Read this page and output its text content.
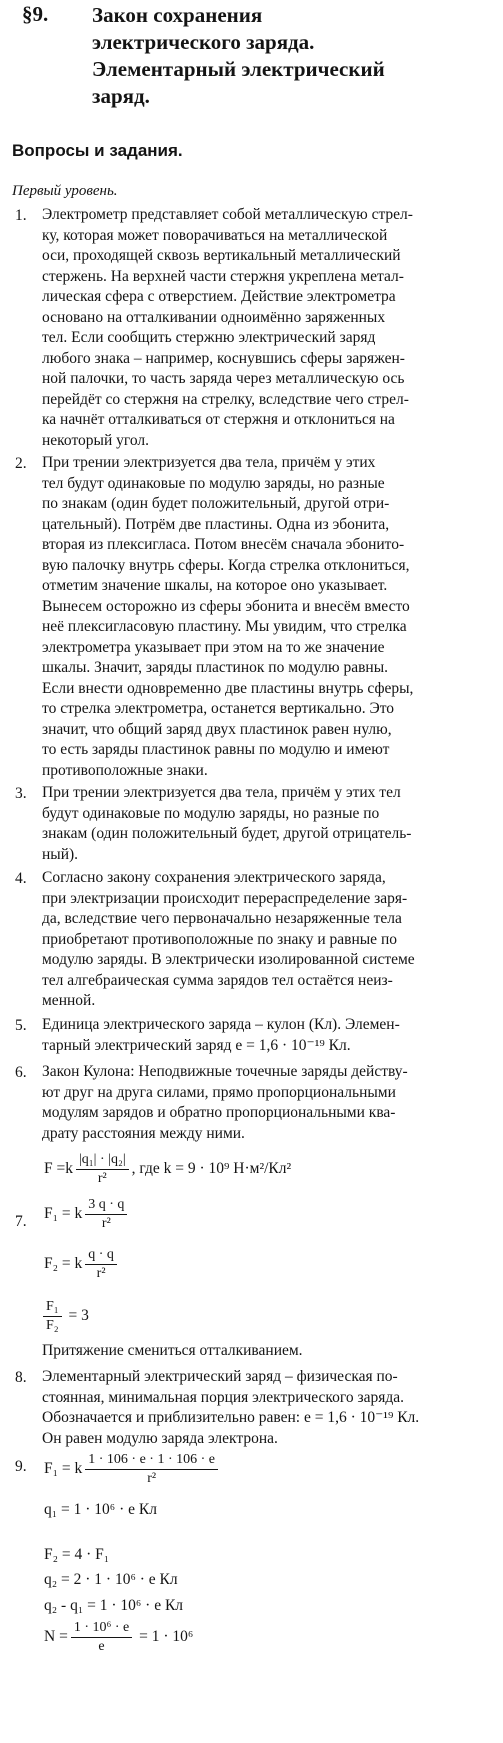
§9. Закон сохранения
электрического заряда.
Элементарный электрический
заряд.
Вопросы и задания.
Первый уровень.
1. Электрометр представляет собой металлическую стрел-
ку, которая может поворачиваться на металлической
оси, проходящей сквозь вертикальный металлический
стержень. На верхней части стержня укреплена метал-
лическая сфера с отверстием. Действие электрометра
основано на отталкивании одноимённо заряженных
тел. Если сообщить стержню электрический заряд
любого знака – например, коснувшись сферы заряжен-
ной палочки, то часть заряда через металлическую ось
перейдёт со стержня на стрелку, вследствие чего стрел-
ка начнёт отталкиваться от стержня и отклониться на
некоторый угол.
2. При трении электризуется два тела, причём у этих
тел будут одинаковые по модулю заряды, но разные
по знакам (один будет положительный, другой отри-
цательный). Потрём две пластины. Одна из эбонита,
вторая из плексигласа. Потом внесём сначала эбонито-
вую палочку внутрь сферы. Когда стрелка отклониться,
отметим значение шкалы, на которое оно указывает.
Вынесем осторожно из сферы эбонита и внесём вместо
неё плексигласовую пластину. Мы увидим, что стрелка
электрометра указывает при этом на то же значение
шкалы. Значит, заряды пластинок по модулю равны.
Если внести одновременно две пластины внутрь сферы,
то стрелка электрометра, останется вертикально. Это
значит, что общий заряд двух пластинок равен нулю,
то есть заряды пластинок равны по модулю и имеют
противоположные знаки.
3. При трении электризуется два тела, причём у этих тел
будут одинаковые по модулю заряды, но разные по
знакам (один положительный будет, другой отрицатель-
ный).
4. Согласно закону сохранения электрического заряда,
при электризации происходит перераспределение заря-
да, вследствие чего первоначально незаряженные тела
приобретают противоположные по знаку и равные по
модулю заряды. В электрически изолированной системе
тел алгебраическая сумма зарядов тел остаётся неиз-
менной.
5. Единица электрического заряда – кулон (Кл). Элемен-
тарный электрический заряд e = 1,6 · 10⁻¹⁹ Кл.
6. Закон Кулона: Неподвижные точечные заряды действу-
ют друг на друга силами, прямо пропорциональными
модулям зарядов и обратно пропорциональными ква-
драту расстояния между ними.
$F =k \frac{\text{|q₁| · |q₂|}}{\text{r²}}$ , где k = 9 · 10⁹ Н·м²/Кл²
7. F₁ = k $\frac{3 q \cdot q}{\text{r²}}$
F₂ = k $\frac{q \cdot q}{\text{r²}}$
$\frac{\text{F₁}}{\text{F₂}} = 3$
Притяжение смениться отталкиванием.
8. Элементарный электрический заряд – физическая по-
стоянная, минимальная порция электрического заряда.
Обозначается и приблизительно равен: e = 1,6 · 10⁻¹⁹ Кл.
Он равен модулю заряда электрона.
9. F₁ = k $\frac{1 \cdot 106 \cdot e \cdot 1 \cdot 106 \cdot e}{\text{r²}}$
q₁ = 1 · 10⁶ · e Кл
F₂ = 4 · F₁
q₂ = 2 · 1 · 10⁶ · e Кл
q₂ - q₁ = 1 · 10⁶ · e Кл
$N = \frac{\text{1 · 10⁶ · e}}{e} = 1 \cdot 10^6$
